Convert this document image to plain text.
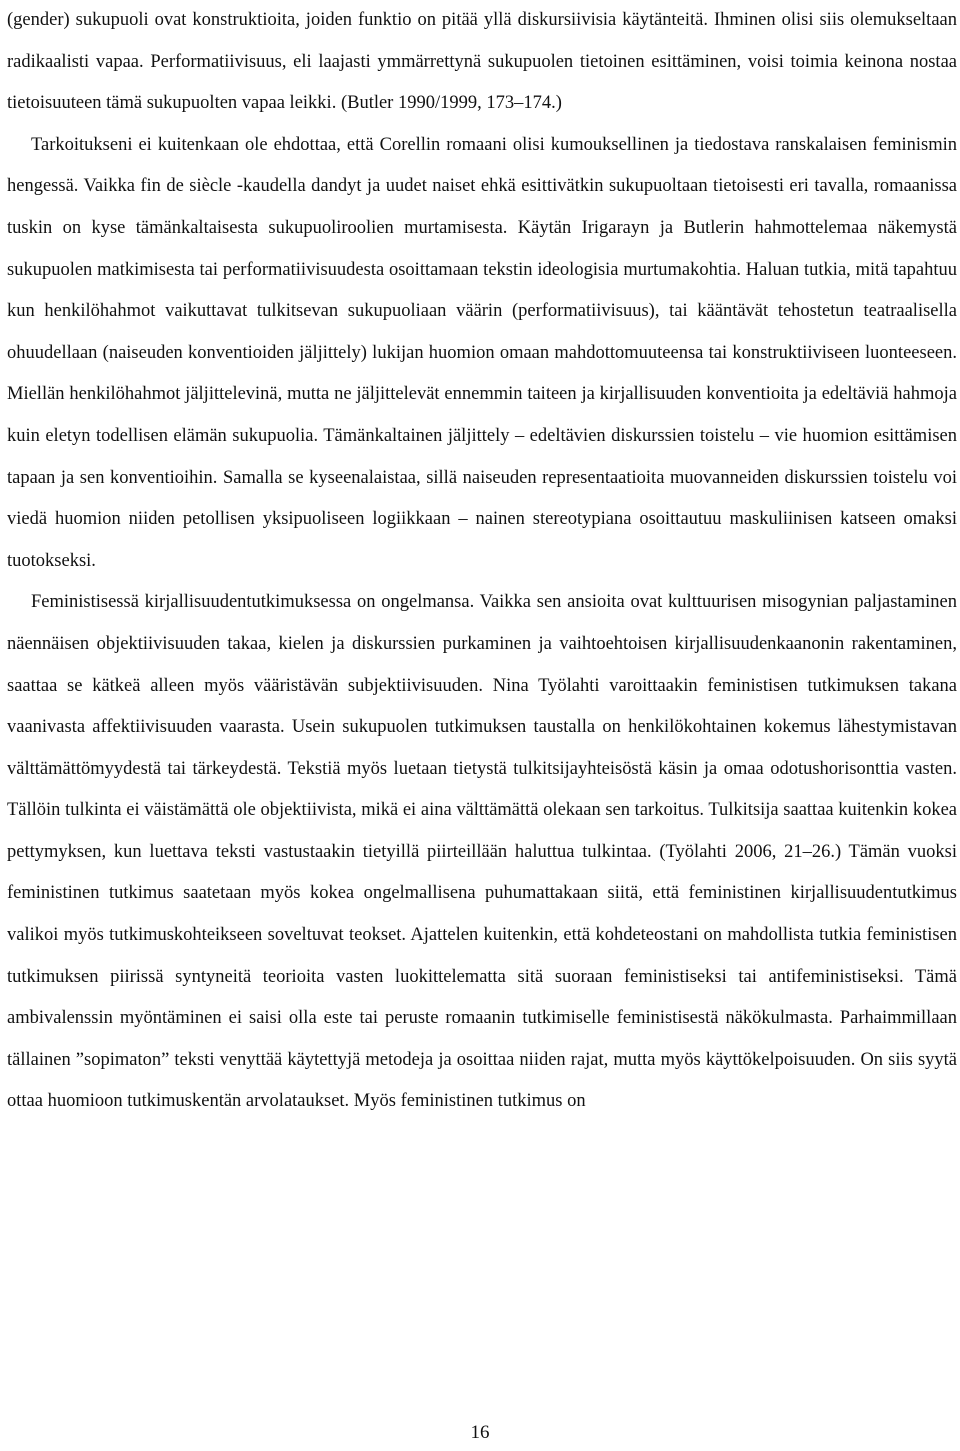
(gender) sukupuoli ovat konstruktioita, joiden funktio on pitää yllä diskursiivisia käytänteitä. Ihminen olisi siis olemukseltaan radikaalisti vapaa. Performatiivisuus, eli laajasti ymmärrettynä sukupuolen tietoinen esittäminen, voisi toimia keinona nostaa tietoisuuteen tämä sukupuolten vapaa leikki. (Butler 1990/1999, 173–174.)

Tarkoitukseni ei kuitenkaan ole ehdottaa, että Corellin romaani olisi kumouksellinen ja tiedostava ranskalaisen feminismin hengessä. Vaikka fin de siècle -kaudella dandyt ja uudet naiset ehkä esittivätkin sukupuoltaan tietoisesti eri tavalla, romaanissa tuskin on kyse tämänkaltaisesta sukupuoliroolien murtamisesta. Käytän Irigarayn ja Butlerin hahmottelemaa näkemystä sukupuolen matkimisesta tai performatiivisuudesta osoittamaan tekstin ideologisia murtumakohtia. Haluan tutkia, mitä tapahtuu kun henkilöhahmot vaikuttavat tulkitsevan sukupuoliaan väärin (performatiivisuus), tai kääntävät tehostetun teatraalisella ohuudellaan (naiseuden konventioiden jäljittely) lukijan huomion omaan mahdottomuuteensa tai konstruktiiviseen luonteeseen. Miellän henkilöhahmot jäljittelevinä, mutta ne jäljittelevät ennemmin taiteen ja kirjallisuuden konventioita ja edeltäviä hahmoja kuin eletyn todellisen elämän sukupuolia. Tämänkaltainen jäljittely – edeltävien diskurssien toistelu – vie huomion esittämisen tapaan ja sen konventioihin. Samalla se kyseenalaistaa, sillä naiseuden representaatioita muovanneiden diskurssien toistelu voi viedä huomion niiden petollisen yksipuoliseen logiikkaan – nainen stereotypiana osoittautuu maskuliinisen katseen omaksi tuotokseksi.

Feministisessä kirjallisuudentutkimuksessa on ongelmansa. Vaikka sen ansioita ovat kulttuurisen misogynian paljastaminen näennäisen objektiivisuuden takaa, kielen ja diskurssien purkaminen ja vaihtoehtoisen kirjallisuudenkaanonin rakentaminen, saattaa se kätkeä alleen myös vääristävän subjektiivisuuden. Nina Työlahti varoittaakin feministisen tutkimuksen takana vaanivasta affektiivisuuden vaarasta. Usein sukupuolen tutkimuksen taustalla on henkilökohtainen kokemus lähestymistavan välttämättömyydestä tai tärkeydestä. Tekstiä myös luetaan tietystä tulkitsijayhteisöstä käsin ja omaa odotushorisonttia vasten. Tällöin tulkinta ei väistämättä ole objektiivista, mikä ei aina välttämättä olekaan sen tarkoitus. Tulkitsija saattaa kuitenkin kokea pettymyksen, kun luettava teksti vastustaakin tietyillä piirteillään haluttua tulkintaa. (Työlahti 2006, 21–26.) Tämän vuoksi feministinen tutkimus saatetaan myös kokea ongelmallisena puhumattakaan siitä, että feministinen kirjallisuudentutkimus valikoi myös tutkimuskohteikseen soveltuvat teokset. Ajattelen kuitenkin, että kohdeteostani on mahdollista tutkia feministisen tutkimuksen piirissä syntyneitä teorioita vasten luokittelematta sitä suoraan feministiseksi tai antifeministiseksi. Tämä ambivalenssin myöntäminen ei saisi olla este tai peruste romaanin tutkimiselle feministisestä näkökulmasta. Parhaimmillaan tällainen ”sopimaton” teksti venyttää käytettyjä metodeja ja osoittaa niiden rajat, mutta myös käyttökelpoisuuden. On siis syytä ottaa huomioon tutkimuskentän arvolataukset. Myös feministinen tutkimus on

16
